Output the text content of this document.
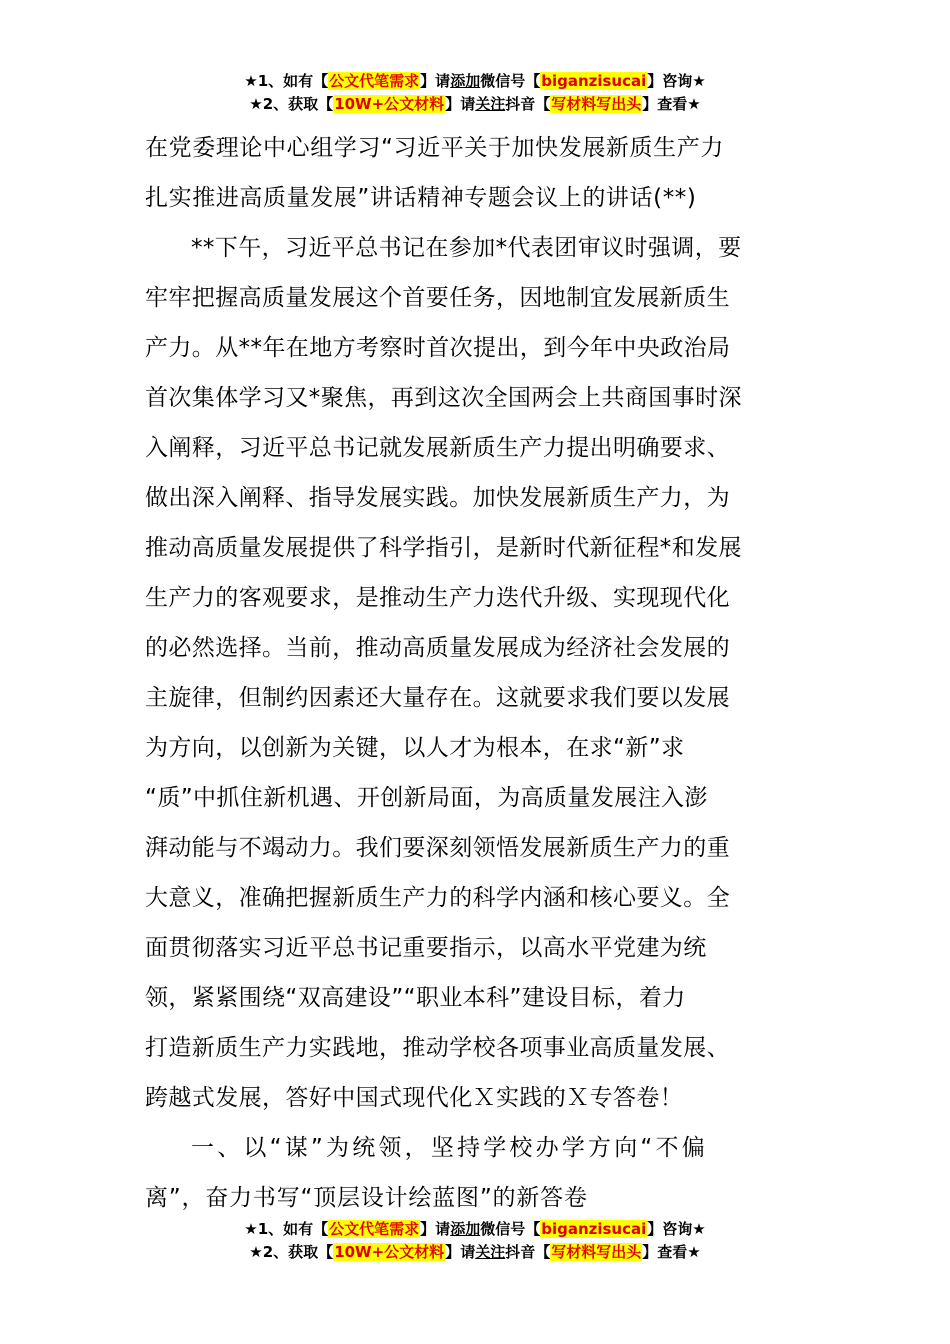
★1、如有【公文代笔需求】请添加微信号【biganzisucai】咨询★
★2、获取【10W+公文材料】请关注抖音【写材料写出头】查看★
在党委理论中心组学习“习近平关于加快发展新质生产力
扎实推进高质量发展”讲话精神专题会议上的讲话(**)
**下午，习近平总书记在参加*代表团审议时强调，要
牢牢把握高质量发展这个首要任务，因地制宜发展新质生
产力。从**年在地方考察时首次提出，到今年中央政治局
首次集体学习又*聚焦，再到这次全国两会上共商国事时深
入阐释，习近平总书记就发展新质生产力提出明确要求、
做出深入阐释、指导发展实践。加快发展新质生产力，为
推动高质量发展提供了科学指引，是新时代新征程*和发展
生产力的客观要求，是推动生产力迭代升级、实现现代化
的必然选择。当前，推动高质量发展成为经济社会发展的
主旋律，但制约因素还大量存在。这就要求我们要以发展
为方向，以创新为关键，以人才为根本，在求“新”求
“质”中抓住新机遇、开创新局面，为高质量发展注入澎
湃动能与不竭动力。我们要深刻领悟发展新质生产力的重
大意义，准确把握新质生产力的科学内涵和核心要义。全
面贯彻落实习近平总书记重要指示，以高水平党建为统
领，紧紧围绕“双高建设”“职业本科”建设目标，着力
打造新质生产力实践地，推动学校各项事业高质量发展、
跨越式发展，答好中国式现代化Ｘ实践的Ｘ专答卷！
一、以“谋”为统领，坚持学校办学方向“不偏
离”，奋力书写“顶层设计绘蓝图”的新答卷
★1、如有【公文代笔需求】请添加微信号【biganzisucai】咨询★
★2、获取【10W+公文材料】请关注抖音【写材料写出头】查看★
